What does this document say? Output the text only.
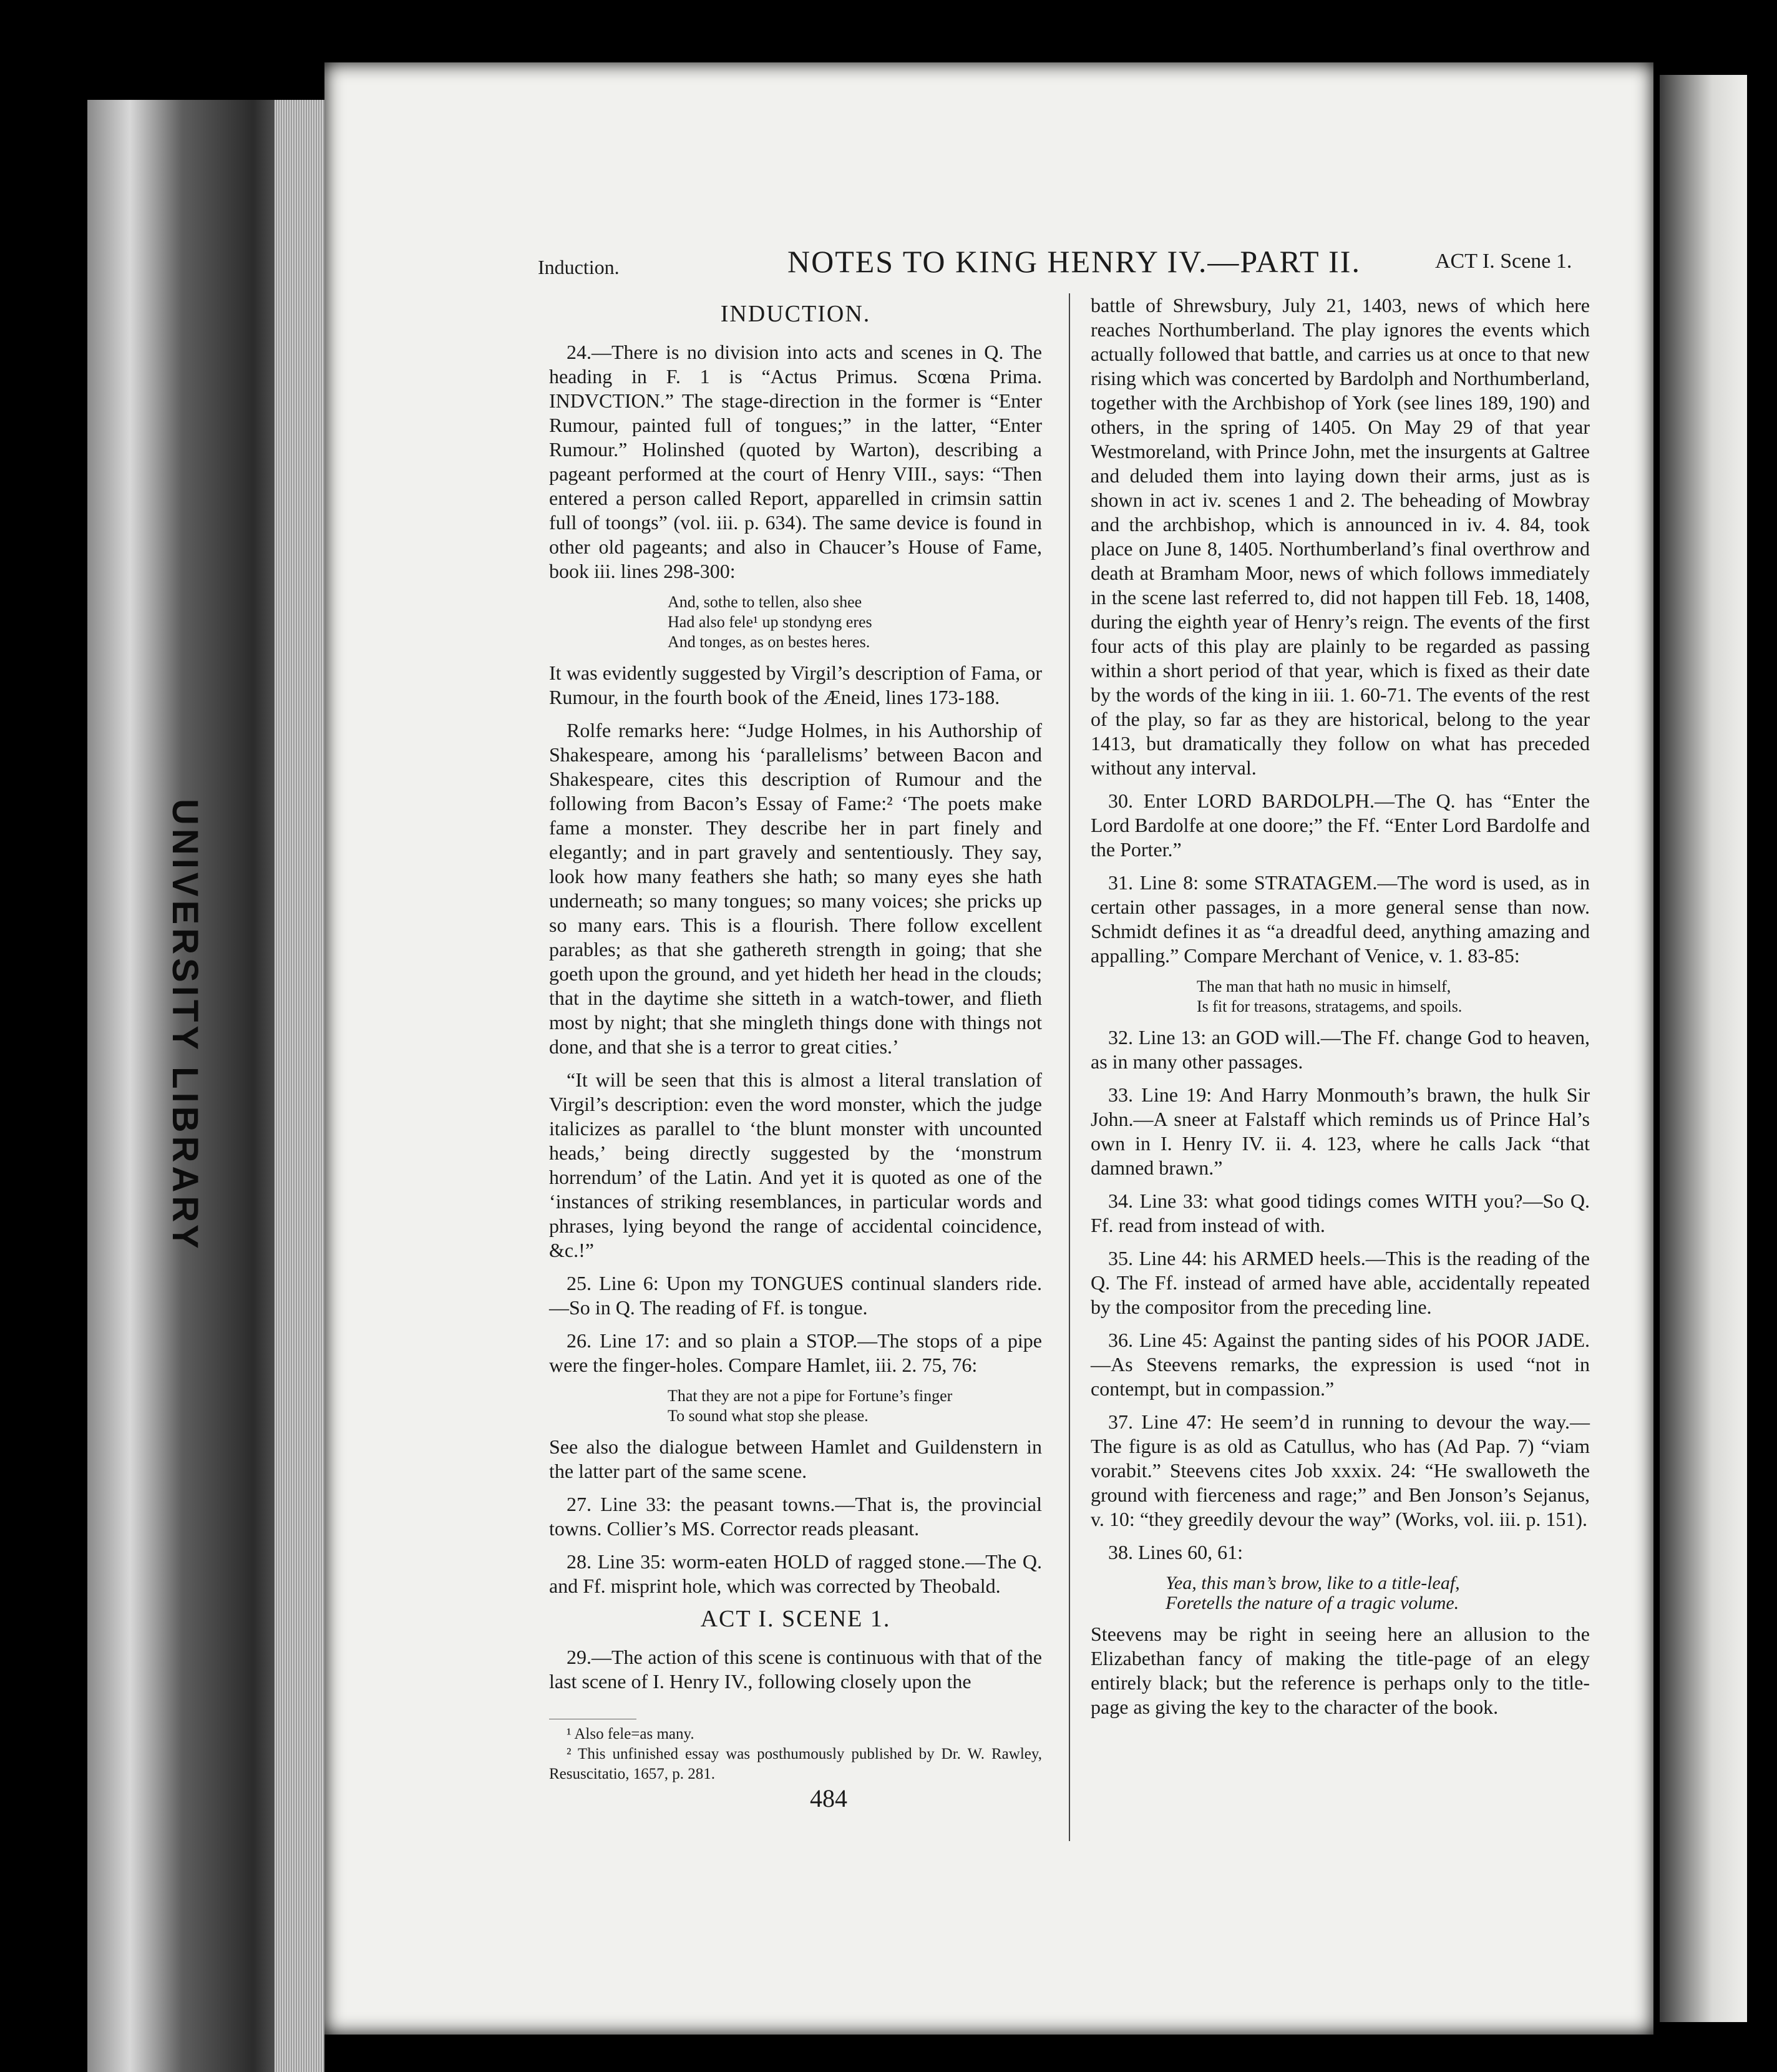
UNIVERSITY LIBRARY
Induction.	NOTES TO KING HENRY IV.—PART II.	ACT I. Scene 1.
INDUCTION.

24.—There is no division into acts and scenes in Q. The heading in F. 1 is “Actus Primus. Scœna Prima. INDVCTION.” The stage-direction in the former is “Enter Rumour, painted full of tongues;” in the latter, “Enter Rumour.” Holinshed (quoted by Warton), describing a pageant performed at the court of Henry VIII., says: “Then entered a person called Report, apparelled in crimsin sattin full of toongs” (vol. iii. p. 634). The same device is found in other old pageants; and also in Chaucer’s House of Fame, book iii. lines 298-300:

And, sothe to tellen, also shee
Had also fele¹ up stondyng eres
And tonges, as on bestes heres.

It was evidently suggested by Virgil’s description of Fama, or Rumour, in the fourth book of the Æneid, lines 173-188.

Rolfe remarks here: “Judge Holmes, in his Authorship of Shakespeare, among his ‘parallelisms’ between Bacon and Shakespeare, cites this description of Rumour and the following from Bacon’s Essay of Fame:² ‘The poets make fame a monster. They describe her in part finely and elegantly; and in part gravely and sententiously. They say, look how many feathers she hath; so many eyes she hath underneath; so many tongues; so many voices; she pricks up so many ears. This is a flourish. There follow excellent parables; as that she gathereth strength in going; that she goeth upon the ground, and yet hideth her head in the clouds; that in the daytime she sitteth in a watch-tower, and flieth most by night; that she mingleth things done with things not done, and that she is a terror to great cities.’

“It will be seen that this is almost a literal translation of Virgil’s description: even the word monster, which the judge italicizes as parallel to ‘the blunt monster with uncounted heads,’ being directly suggested by the ‘monstrum horrendum’ of the Latin. And yet it is quoted as one of the ‘instances of striking resemblances, in particular words and phrases, lying beyond the range of accidental coincidence, &c.!”

25. Line 6: Upon my TONGUES continual slanders ride. —So in Q. The reading of Ff. is tongue.

26. Line 17: and so plain a STOP.—The stops of a pipe were the finger-holes. Compare Hamlet, iii. 2. 75, 76:

That they are not a pipe for Fortune’s finger
To sound what stop she please.

See also the dialogue between Hamlet and Guildenstern in the latter part of the same scene.

27. Line 33: the peasant towns.—That is, the provincial towns. Collier’s MS. Corrector reads pleasant.

28. Line 35: worm-eaten HOLD of ragged stone.—The Q. and Ff. misprint hole, which was corrected by Theobald.

ACT I. SCENE 1.

29.—The action of this scene is continuous with that of the last scene of I. Henry IV., following closely upon the

¹ Also fele=as many.
² This unfinished essay was posthumously published by Dr. W. Rawley, Resuscitatio, 1657, p. 281.

battle of Shrewsbury, July 21, 1403, news of which here reaches Northumberland. The play ignores the events which actually followed that battle, and carries us at once to that new rising which was concerted by Bardolph and Northumberland, together with the Archbishop of York (see lines 189, 190) and others, in the spring of 1405. On May 29 of that year Westmoreland, with Prince John, met the insurgents at Galtree and deluded them into laying down their arms, just as is shown in act iv. scenes 1 and 2. The beheading of Mowbray and the archbishop, which is announced in iv. 4. 84, took place on June 8, 1405. Northumberland’s final overthrow and death at Bramham Moor, news of which follows immediately in the scene last referred to, did not happen till Feb. 18, 1408, during the eighth year of Henry’s reign. The events of the first four acts of this play are plainly to be regarded as passing within a short period of that year, which is fixed as their date by the words of the king in iii. 1. 60-71. The events of the rest of the play, so far as they are historical, belong to the year 1413, but dramatically they follow on what has preceded without any interval.

30. Enter LORD BARDOLPH.—The Q. has “Enter the Lord Bardolfe at one doore;” the Ff. “Enter Lord Bardolfe and the Porter.”

31. Line 8: some STRATAGEM.—The word is used, as in certain other passages, in a more general sense than now. Schmidt defines it as “a dreadful deed, anything amazing and appalling.” Compare Merchant of Venice, v. 1. 83-85:

The man that hath no music in himself,
Is fit for treasons, stratagems, and spoils.

32. Line 13: an GOD will.—The Ff. change God to heaven, as in many other passages.

33. Line 19: And Harry Monmouth’s brawn, the hulk Sir John.—A sneer at Falstaff which reminds us of Prince Hal’s own in I. Henry IV. ii. 4. 123, where he calls Jack “that damned brawn.”

34. Line 33: what good tidings comes WITH you?—So Q. Ff. read from instead of with.

35. Line 44: his ARMED heels.—This is the reading of the Q. The Ff. instead of armed have able, accidentally repeated by the compositor from the preceding line.

36. Line 45: Against the panting sides of his POOR JADE. —As Steevens remarks, the expression is used “not in contempt, but in compassion.”

37. Line 47: He seem’d in running to devour the way.— The figure is as old as Catullus, who has (Ad Pap. 7) “viam vorabit.” Steevens cites Job xxxix. 24: “He swalloweth the ground with fierceness and rage;” and Ben Jonson’s Sejanus, v. 10: “they greedily devour the way” (Works, vol. iii. p. 151).

38. Lines 60, 61:

Yea, this man’s brow, like to a title-leaf,
Foretells the nature of a tragic volume.

Steevens may be right in seeing here an allusion to the Elizabethan fancy of making the title-page of an elegy entirely black; but the reference is perhaps only to the title-page as giving the key to the character of the book.

484
